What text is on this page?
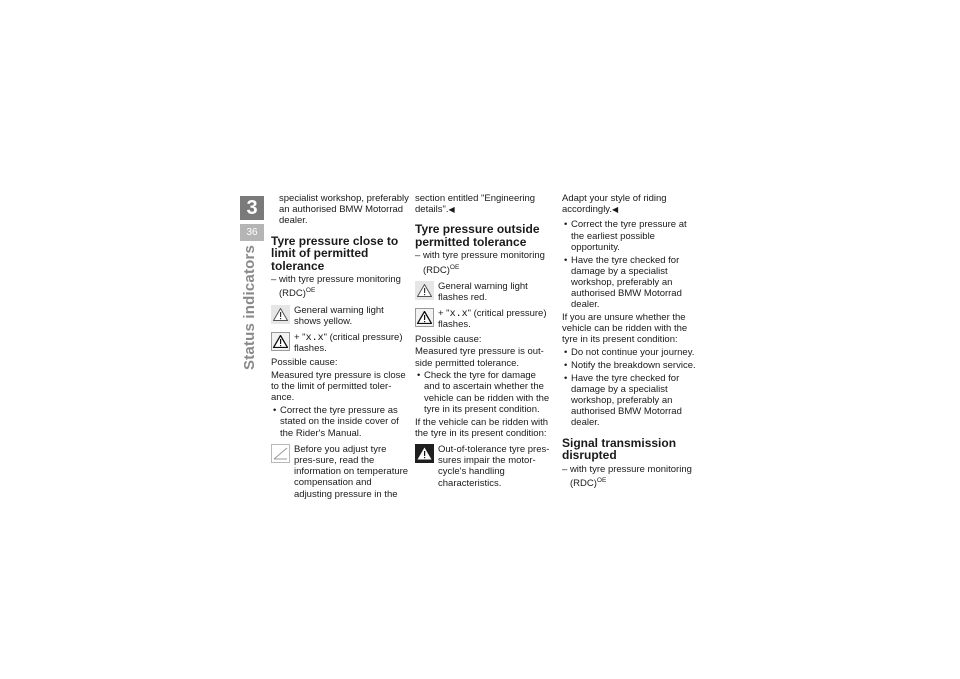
3
36
Status indicators

specialist workshop, preferably an authorised BMW Motorrad dealer.

Tyre pressure close to limit of permitted tolerance

– with tyre pressure monitoring (RDC)$^{OE}$

General warning light shows yellow.
+ "x.x" (critical pressure) flashes.

Possible cause:

Measured tyre pressure is close to the limit of permitted toler-ance.

• Correct the tyre pressure as stated on the inside cover of the Rider's Manual.

Before you adjust tyre pres-sure, read the information on temperature compensation and adjusting pressure in the

section entitled "Engineering details".◀

Tyre pressure outside permitted tolerance

– with tyre pressure monitoring (RDC)$^{OE}$

General warning light flashes red.
+ "x.x" (critical pressure) flashes.

Possible cause:

Measured tyre pressure is out-side permitted tolerance.

• Check the tyre for damage and to ascertain whether the vehicle can be ridden with the tyre in its present condition.

If the vehicle can be ridden with the tyre in its present condition:

Out-of-tolerance tyre pres-sures impair the motor-cycle's handling characteristics.

Adapt your style of riding accordingly.◀

• Correct the tyre pressure at the earliest possible opportunity.

• Have the tyre checked for damage by a specialist workshop, preferably an authorised BMW Motorrad dealer.

If you are unsure whether the vehicle can be ridden with the tyre in its present condition:

• Do not continue your journey.

• Notify the breakdown service.

• Have the tyre checked for damage by a specialist workshop, preferably an authorised BMW Motorrad dealer.

Signal transmission disrupted

– with tyre pressure monitoring (RDC)$^{OE}$
